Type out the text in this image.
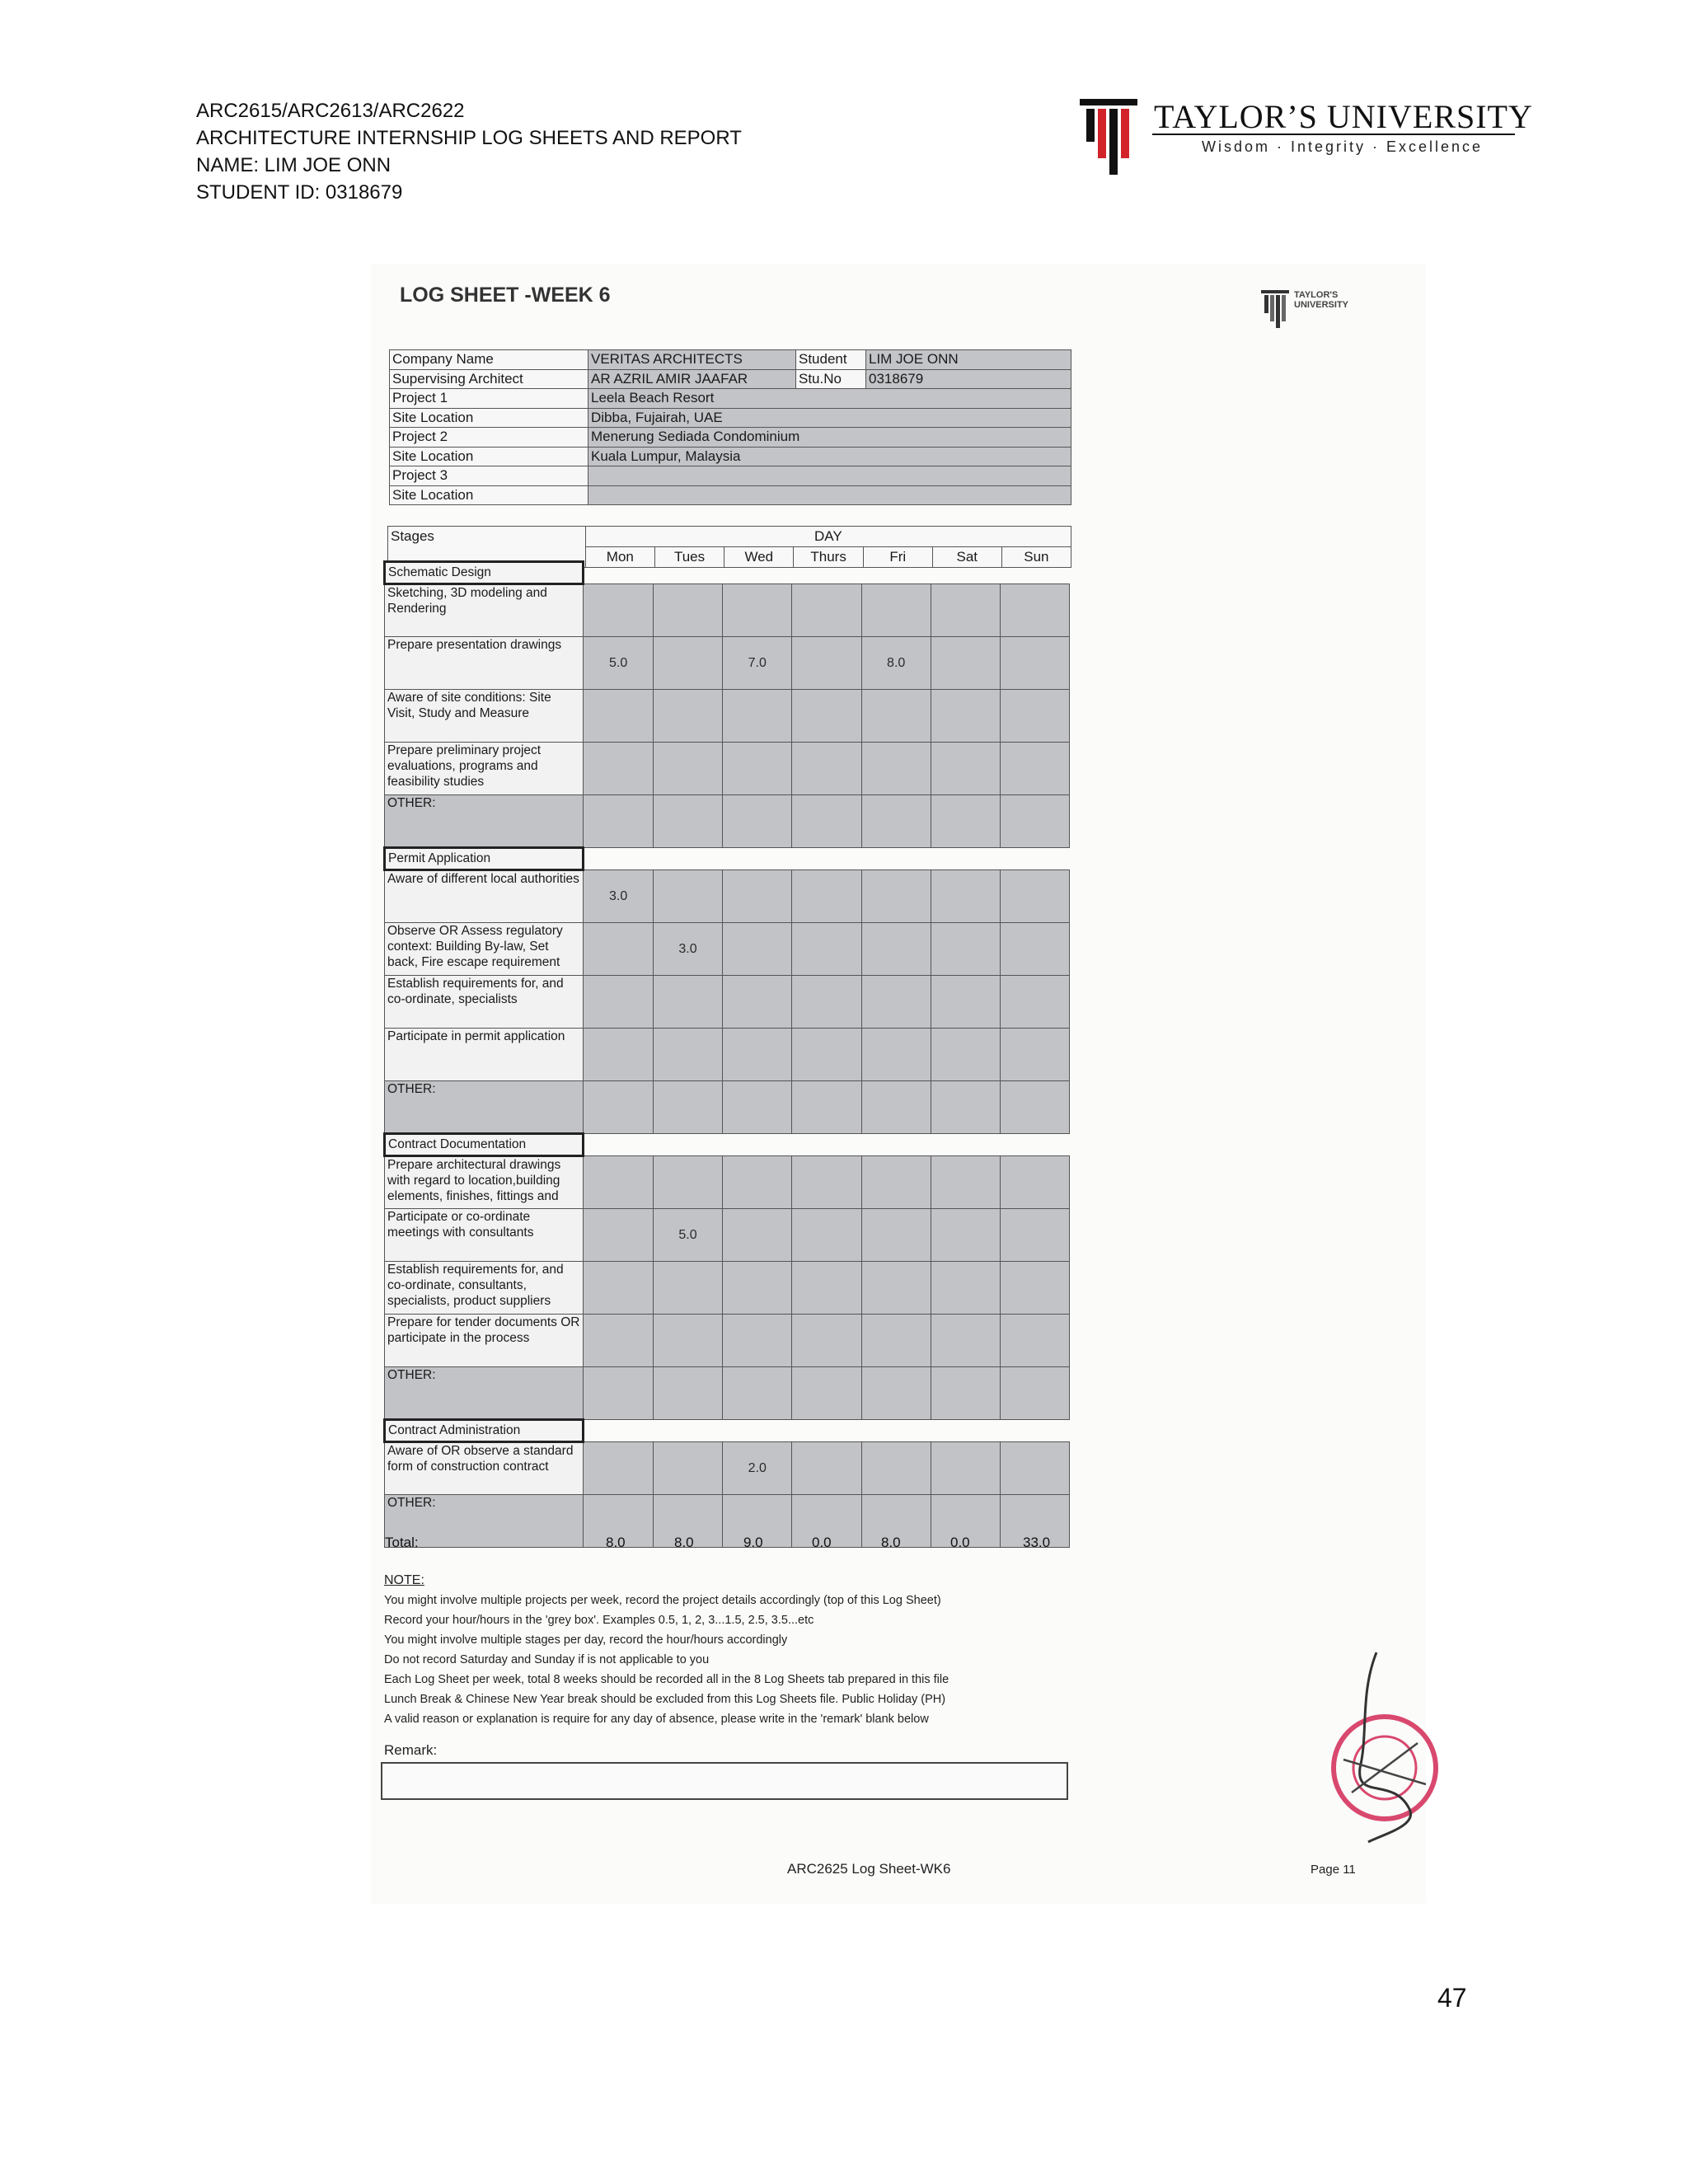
ARC2615/ARC2613/ARC2622
ARCHITECTURE INTERNSHIP LOG SHEETS AND REPORT
NAME: LIM JOE ONN
STUDENT ID: 0318679
TAYLOR’S UNIVERSITY
Wisdom · Integrity · Excellence
LOG SHEET -WEEK 6	TAYLOR'S
UNIVERSITY
Company Name	VERITAS ARCHITECTS	Student	LIM JOE ONN
Supervising Architect	AR AZRIL AMIR JAAFAR	Stu.No	0318679
Project 1	Leela Beach Resort		
Site Location	Dibba, Fujairah, UAE		
Project 2	Menerung Sediada Condominium		
Site Location	Kuala Lumpur, Malaysia		
Project 3			
Site Location			
Stages	DAY						
	Mon	Tues	Wed	Thurs	Fri	Sat	Sun
Schematic Design							
Sketching, 3D modeling and Rendering							
Prepare presentation drawings	5.0		7.0		8.0		
Aware of site conditions: Site Visit, Study and Measure							
Prepare preliminary project evaluations, programs and feasibility studies							
OTHER:							
Permit Application							
Aware of different local authorities	3.0						
Observe OR Assess regulatory context: Building By-law, Set back, Fire escape requirement		3.0					
Establish requirements for, and co-ordinate, specialists							
Participate in permit application							
OTHER:							
Contract Documentation							
Prepare architectural drawings with regard to location,building elements, finishes, fittings and							
Participate or co-ordinate meetings with consultants		5.0					
Establish requirements for, and co-ordinate, consultants, specialists, product suppliers							
Prepare for tender documents OR participate in the process							
OTHER:							
Contract Administration							
Aware of OR observe a standard form of construction contract			2.0				
OTHER:							
Total:	8.0	8.0	9.0	0.0	8.0	0.0	33.0
NOTE:
You might involve multiple projects per week, record the project details accordingly (top of this Log Sheet)
Record your hour/hours in the 'grey box'. Examples 0.5, 1, 2, 3...1.5, 2.5, 3.5...etc
You might involve multiple stages per day, record the hour/hours accordingly
Do not record Saturday and Sunday if is not applicable to you
Each Log Sheet per week, total 8 weeks should be recorded all in the 8 Log Sheets tab prepared in this file
Lunch Break & Chinese New Year break should be excluded from this Log Sheets file. Public Holiday (PH)
A valid reason or explanation is require for any day of absence, please write in the 'remark' blank below
Remark:
ARC2625 Log Sheet-WK6	Page 11
47
